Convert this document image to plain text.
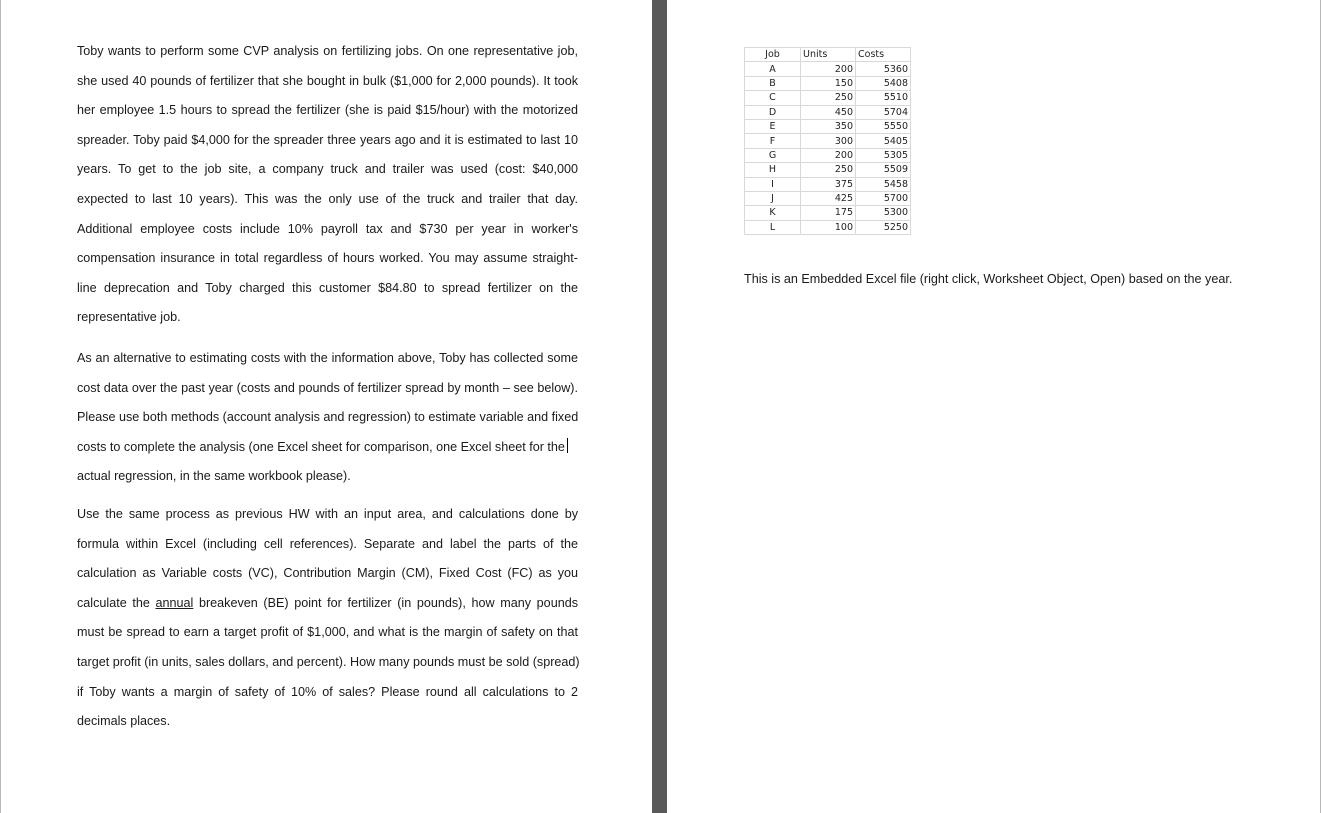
Toby wants to perform some CVP analysis on fertilizing jobs. On one representative job,
she used 40 pounds of fertilizer that she bought in bulk ($1,000 for 2,000 pounds). It took
her employee 1.5 hours to spread the fertilizer (she is paid $15/hour) with the motorized
spreader. Toby paid $4,000 for the spreader three years ago and it is estimated to last 10
years. To get to the job site, a company truck and trailer was used (cost: $40,000
expected to last 10 years). This was the only use of the truck and trailer that day.
Additional employee costs include 10% payroll tax and $730 per year in worker's
compensation insurance in total regardless of hours worked. You may assume straight-
line deprecation and Toby charged this customer $84.80 to spread fertilizer on the
representative job.
As an alternative to estimating costs with the information above, Toby has collected some
cost data over the past year (costs and pounds of fertilizer spread by month – see below).
Please use both methods (account analysis and regression) to estimate variable and fixed
costs to complete the analysis (one Excel sheet for comparison, one Excel sheet for the
actual regression, in the same workbook please).
Use the same process as previous HW with an input area, and calculations done by
formula within Excel (including cell references). Separate and label the parts of the
calculation as Variable costs (VC), Contribution Margin (CM), Fixed Cost (FC) as you
calculate the annual breakeven (BE) point for fertilizer (in pounds), how many pounds
must be spread to earn a target profit of $1,000, and what is the margin of safety on that
target profit (in units, sales dollars, and percent). How many pounds must be sold (spread)
if Toby wants a margin of safety of 10% of sales? Please round all calculations to 2
decimals places.
Job	Units	Costs
A	200	5360
B	150	5408
C	250	5510
D	450	5704
E	350	5550
F	300	5405
G	200	5305
H	250	5509
I	375	5458
J	425	5700
K	175	5300
L	100	5250
This is an Embedded Excel file (right click, Worksheet Object, Open) based on the year.
